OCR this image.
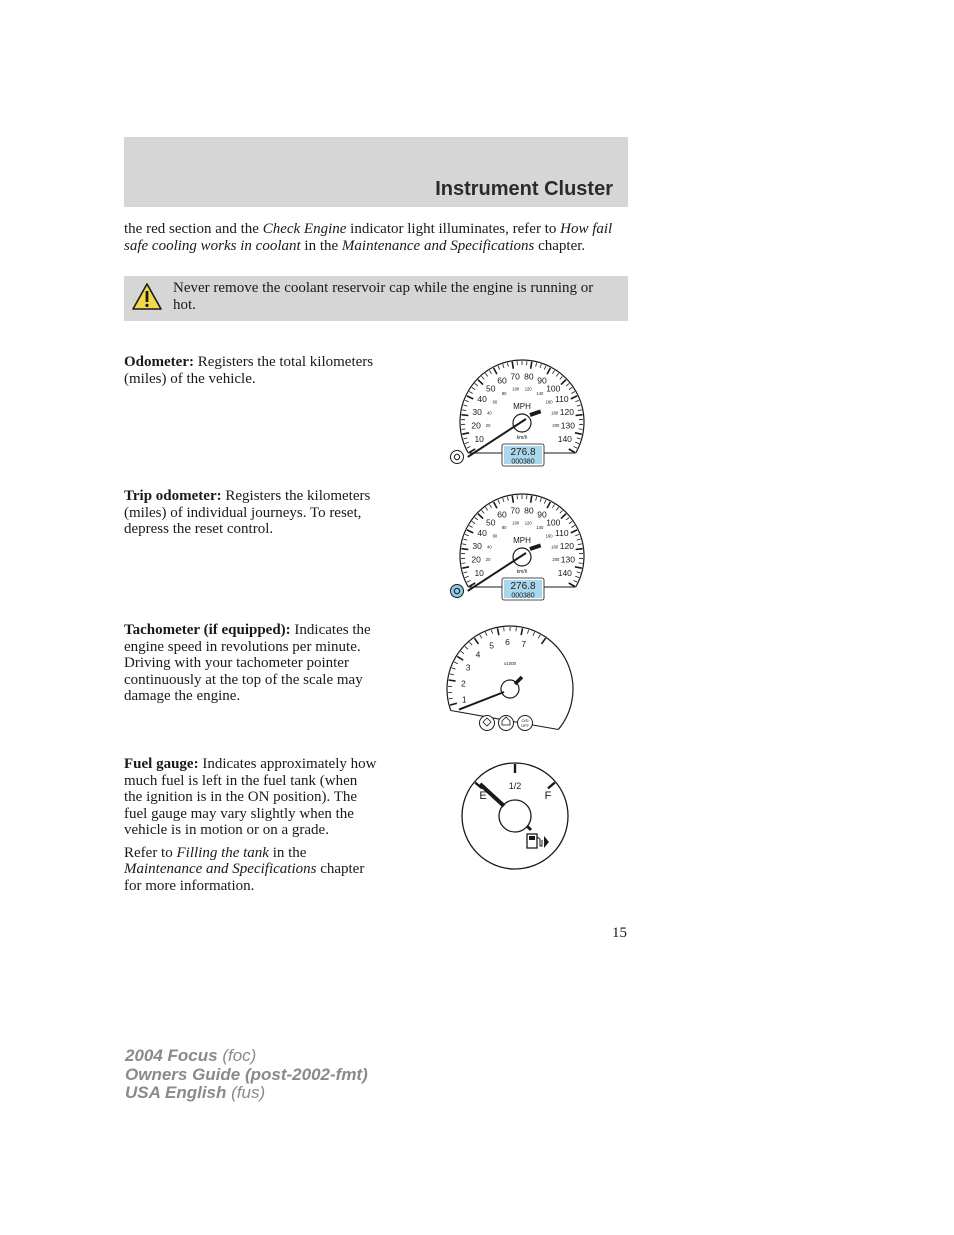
Instrument Cluster
the red section and the Check Engine indicator light illuminates, refer to How fail safe cooling works in coolant in the Maintenance and Specifications chapter.
Never remove the coolant reservoir cap while the engine is running or hot.
Odometer: Registers the total kilometers (miles) of the vehicle.
Trip odometer: Registers the kilometers (miles) of individual journeys. To reset, depress the reset control.
Tachometer (if equipped): Indicates the engine speed in revolutions per minute. Driving with your tachometer pointer continuously at the top of the scale may damage the engine.
Fuel gauge: Indicates approximately how much fuel is left in the fuel tank (when the ignition is in the ON position). The fuel gauge may vary slightly when the vehicle is in motion or on a grade.
Refer to Filling the tank in the Maintenance and Specifications chapter for more information.
10
20
30
40
50
60 70 80 90
100
110
120
130
140
20
40
60
80
100 120
140
160
180
200
MPH
km/h
276.8
000380
10
20
30
40
50
60 70 80 90
100
110
120
130
140
20
40
60
80
100 120
140
160
180
200
MPH
km/h
276.8
000380
1
2
3
4
5 6 7
x1000
O/D
OFF
E
1/2
F
15
2004 Focus (foc)
Owners Guide (post-2002-fmt)
USA English (fus)
